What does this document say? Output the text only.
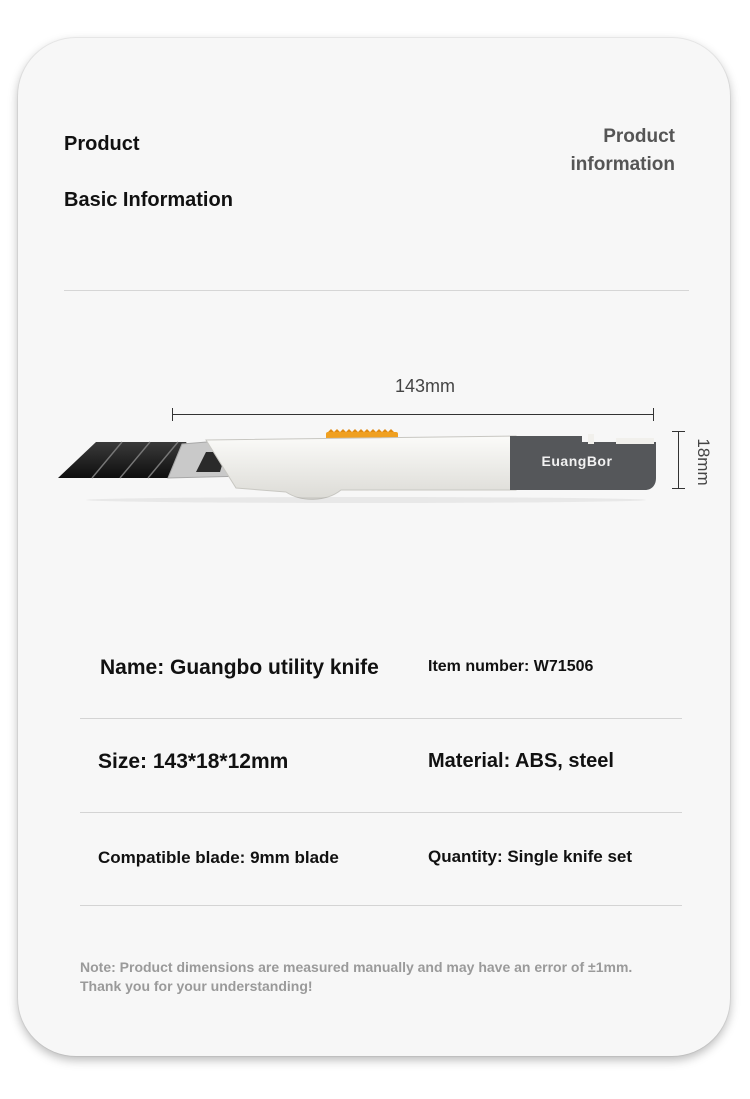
Product
Basic Information
Product
information
143mm
18mm
EuangBor
Name: Guangbo utility knife	Item number: W71506
Size: 143*18*12mm	Material: ABS, steel
Compatible blade: 9mm blade	Quantity: Single knife set
Note: Product dimensions are measured manually and may have an error of ±1mm. Thank you for your understanding!
